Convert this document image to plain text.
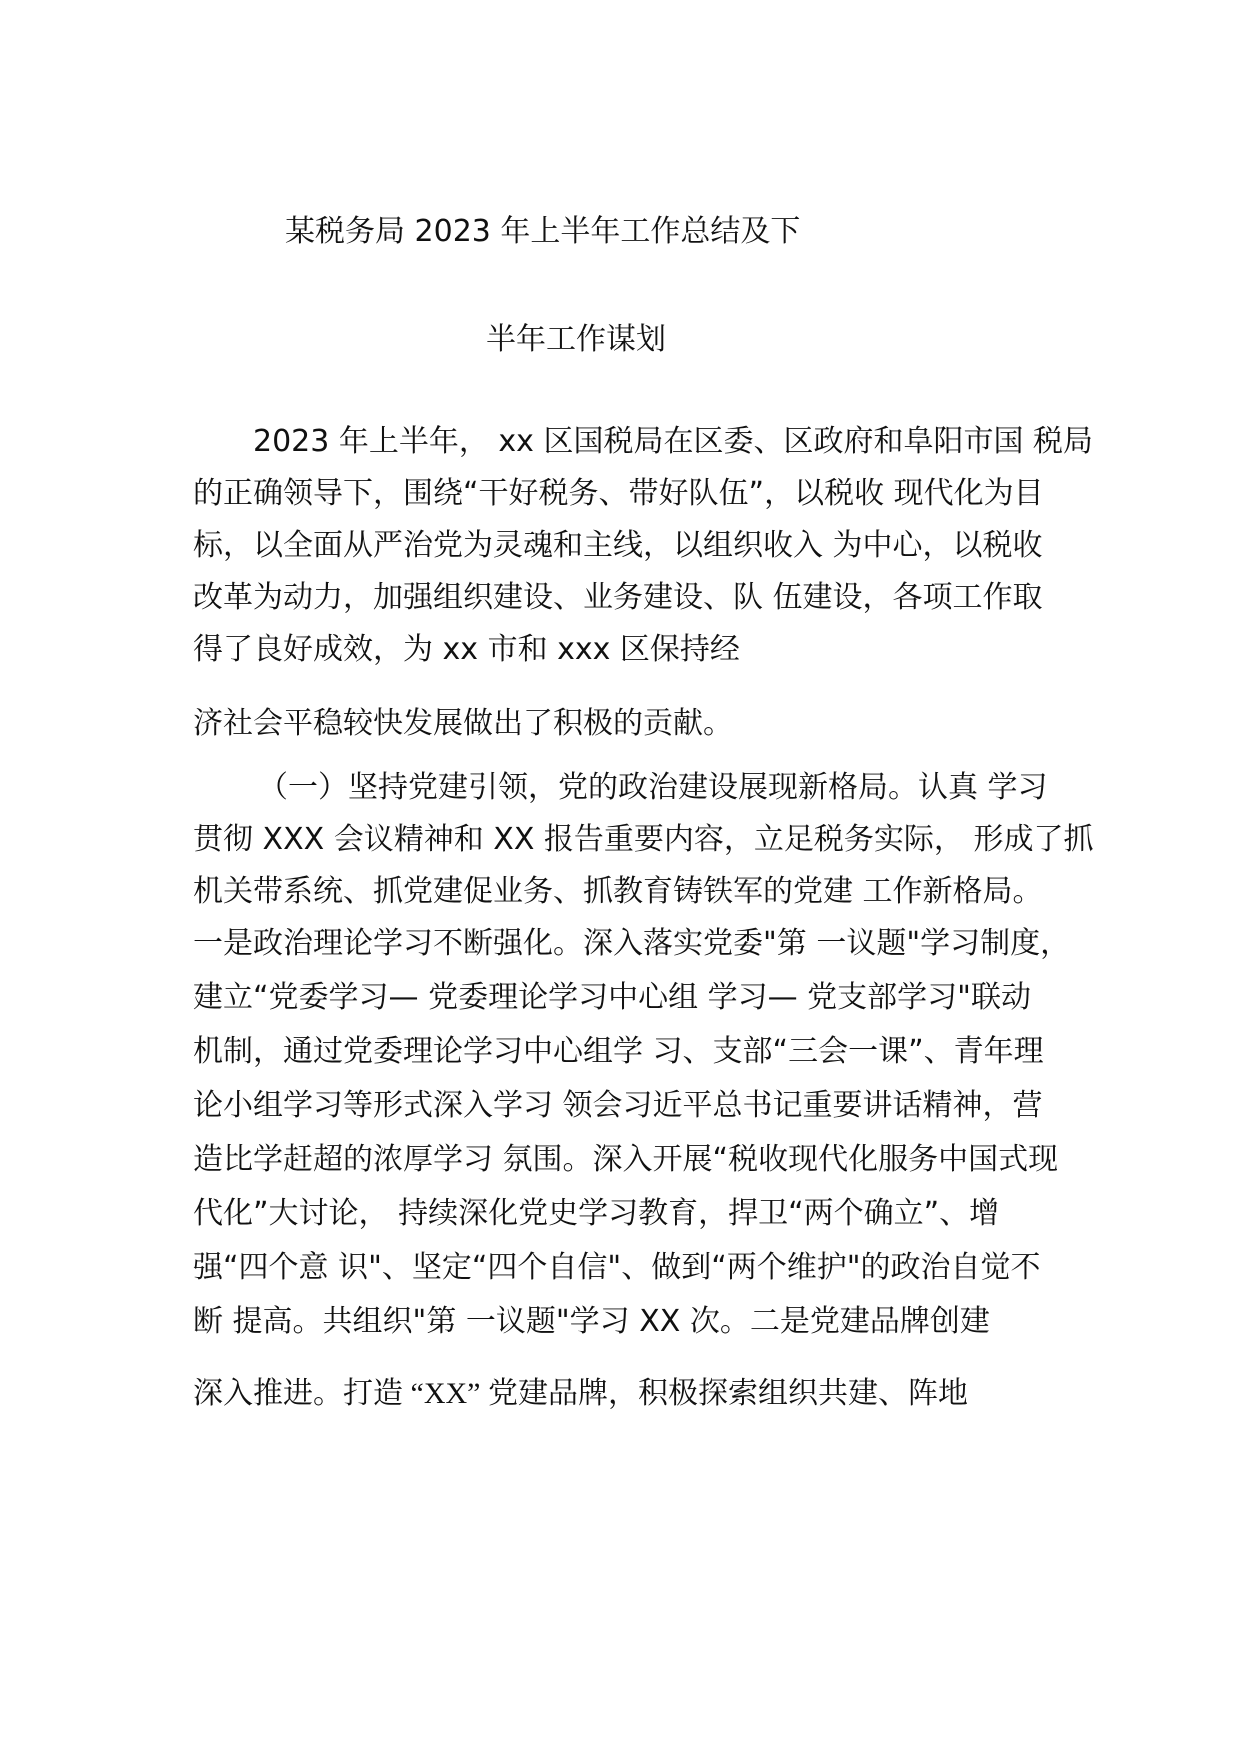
某税务局 2023 年上半年工作总结及下
半年工作谋划

2023 年上半年， xx 区国税局在区委、区政府和阜阳市国 税局

的正确领导下，围绕“干好税务、带好队伍”，以税收 现代化为目

标，以全面从严治党为灵魂和主线，以组织收入 为中心，以税收

改革为动力，加强组织建设、业务建设、队 伍建设，各项工作取

得了良好成效，为 xx 市和 xxx 区保持经

济社会平稳较快发展做出了积极的贡献。

（一）坚持党建引领，党的政治建设展现新格局。认真 学习

贯彻 XXX 会议精神和 XX 报告重要内容，立足税务实际， 形成了抓

机关带系统、抓党建促业务、抓教育铸铁军的党建 工作新格局。

一是政治理论学习不断强化。深入落实党委"第 一议题"学习制度，

建立“党委学习— 党委理论学习中心组 学习— 党支部学习"联动

机制，通过党委理论学习中心组学 习、支部“三会一课”、青年理

论小组学习等形式深入学习 领会习近平总书记重要讲话精神，营

造比学赶超的浓厚学习 氛围。深入开展“税收现代化服务中国式现

代化”大讨论， 持续深化党史学习教育，捍卫“两个确立”、增

强“四个意 识"、坚定“四个自信"、做到“两个维护"的政治自觉不

断 提高。共组织"第 一议题"学习 XX 次。二是党建品牌创建

深入推进。打造 “XX” 党建品牌，积极探索组织共建、阵地
